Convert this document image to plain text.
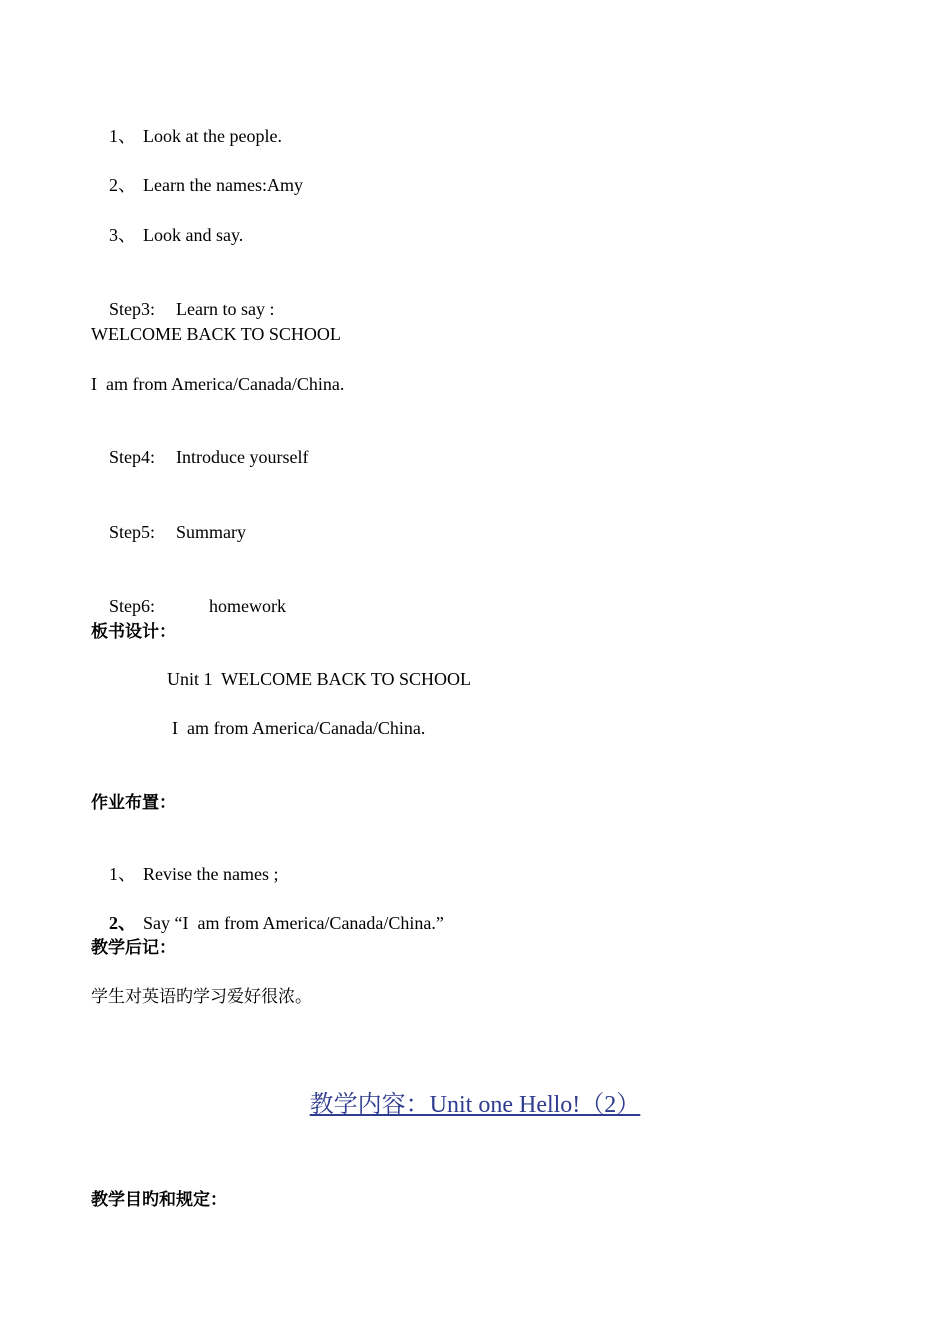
1、 Look at the people.

2、 Learn the names:Amy

3、 Look and say.

Step3: Learn to say :

WELCOME BACK TO SCHOOL
I  am from America/Canada/China.

Step4: Introduce yourself

Step5: Summary

Step6:	homework

板书设计：
Unit 1  WELCOME BACK TO SCHOOL
I  am from America/Canada/China.
作业布置：

1、 Revise the names ;

2、 Say “I  am from America/Canada/China.”

教学后记：
学生对英语旳学习爱好很浓。
教学内容：Unit one Hello!（2）
教学目旳和规定：
